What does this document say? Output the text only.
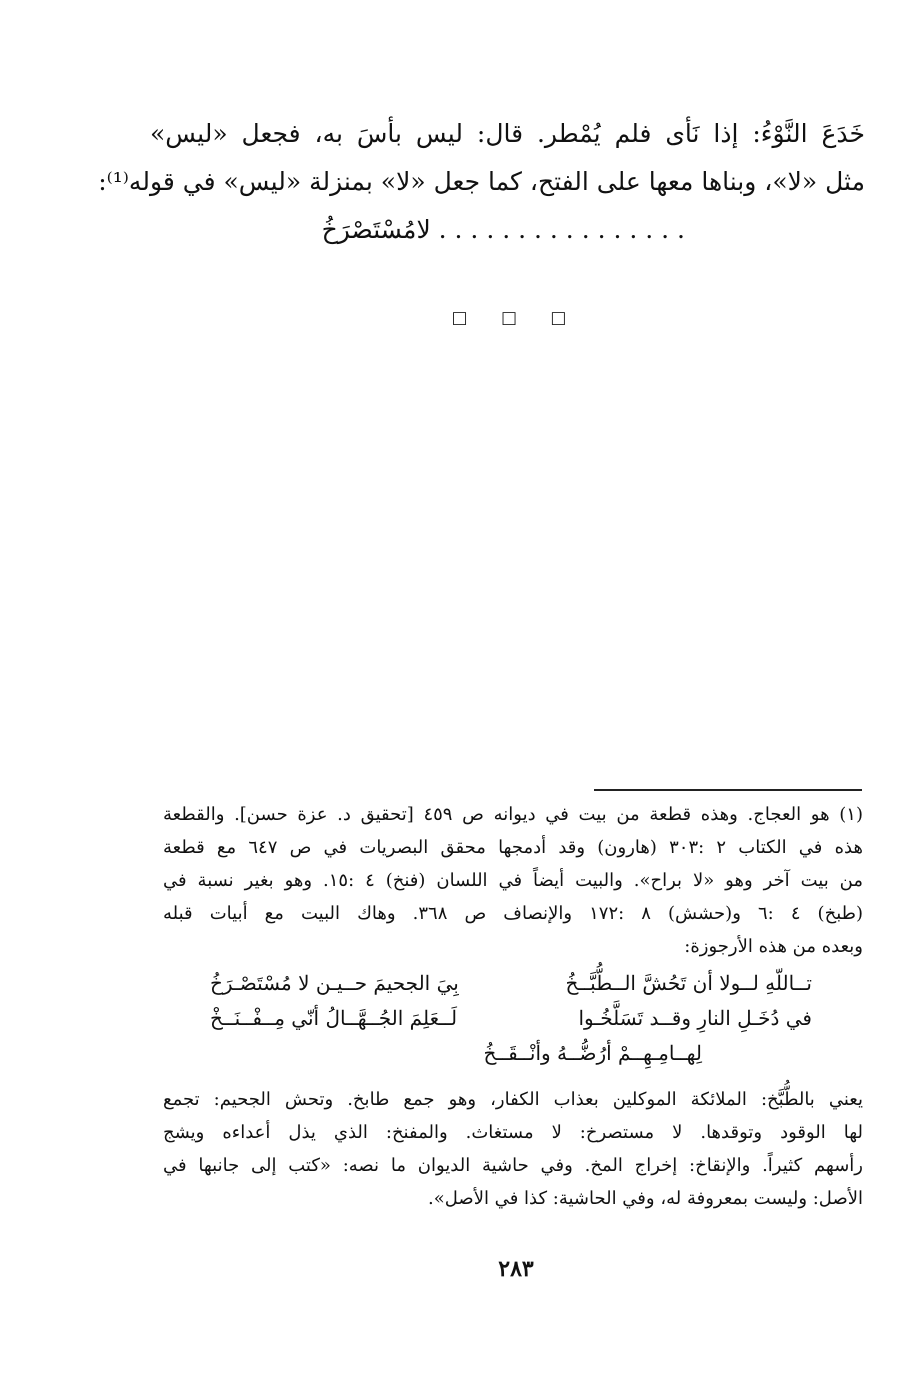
خَدَعَ النَّوْءُ: إذا نَأى فلم يُمْطر. قال: ليس بأسَ به، فجعل «ليس»
مثل «لا»، وبناها معها على الفتح، كما جعل «لا» بمنزلة «ليس» في قوله⁽¹⁾:
. . . . . . . . . . . . . . . . لامُسْتَصْرَخُ
□ □ □
(١) هو العجاج. وهذه قطعة من بيت في ديوانه ص ٤٥٩ [تحقيق د. عزة حسن]. والقطعة
هذه في الكتاب ٢ :٣٠٣ (هارون) وقد أدمجها محقق البصريات في ص ٦٤٧ مع قطعة
من بيت آخر وهو «لا براح». والبيت أيضاً في اللسان (فنخ) ٤ :١٥. وهو بغير نسبة في
(طبخ) ٤ :٦ و(حشش) ٨ :١٧٢ والإنصاف ص ٣٦٨. وهاك البيت مع أبيات قبله
وبعده من هذه الأرجوزة:
تــاللّهِ لــولا أن تَحُشَّ الــطُّبَّــخُ
بِيَ الجحيمَ حــيـن لا مُسْتَصْـرَخُ
في دُخَـلِ النارِ وقــد تَسَلَّخُـوا
لَــعَلِمَ الجُــهَّــالُ أنّي مِــفْــنَــخْ
لِهــامِـهِــمْ أرُضُّــهُ وأنْــقَــخُ
يعني بالطُّبَّخ: الملائكة الموكلين بعذاب الكفار، وهو جمع طابخ. وتحش الجحيم: تجمع
لها الوقود وتوقدها. لا مستصرخ: لا مستغاث. والمفنخ: الذي يذل أعداءه ويشج
رأسهم كثيراً. والإنقاخ: إخراج المخ. وفي حاشية الديوان ما نصه: «كتب إلى جانبها في
الأصل: وليست بمعروفة له، وفي الحاشية: كذا في الأصل».
٢٨٣
